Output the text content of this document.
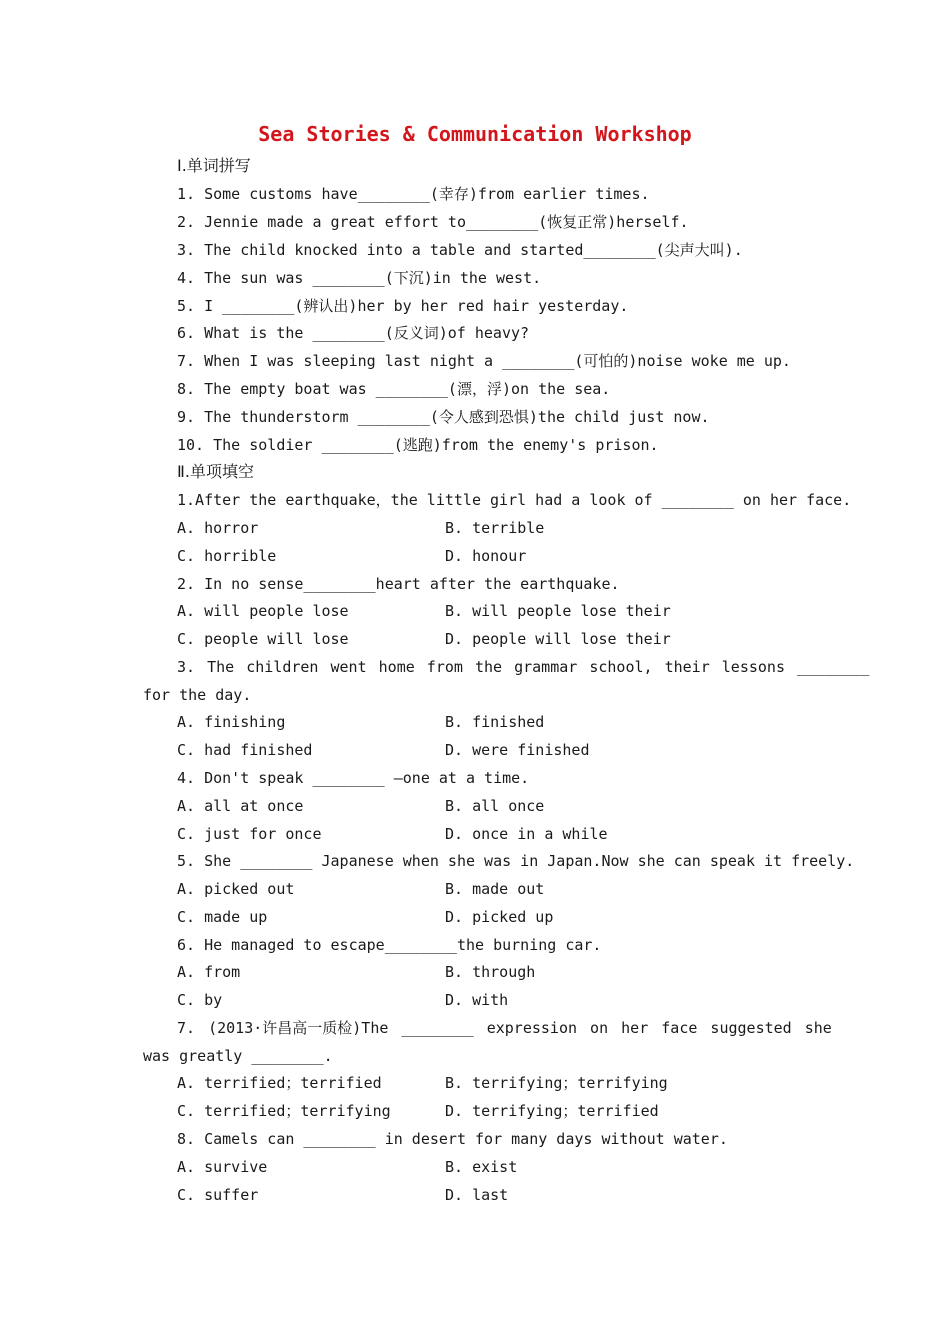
Sea Stories & Communication Workshop
Ⅰ.单词拼写
1. Some customs have________(幸存)from earlier times.
2. Jennie made a great effort to________(恢复正常)herself.
3. The child knocked into a table and started________(尖声大叫).
4. The sun was ________(下沉)in the west.
5. I ________(辨认出)her by her red hair yesterday.
6. What is the ________(反义词)of heavy?
7. When I was sleeping last night a ________(可怕的)noise woke me up.
8. The empty boat was ________(漂，浮)on the sea.
9. The thunderstorm ________(令人感到恐惧)the child just now.
10. The soldier ________(逃跑)from the enemy's prison.
Ⅱ.单项填空
1.After the earthquake，the little girl had a look of ________ on her face.
A. horror	B. terrible
C. horrible	D. honour
2. In no sense________heart after the earthquake.
A. will people lose	B. will people lose their
C. people will lose	D. people will lose their
3. The children went home from the grammar school, their lessons ________
for the day.
A. finishing	B. finished
C. had finished	D. were finished
4. Don't speak ________ —one at a time.
A. all at once	B. all once
C. just for once	D. once in a while
5. She ________ Japanese when she was in Japan.Now she can speak it freely.
A. picked out	B. made out
C. made up	D. picked up
6. He managed to escape________the burning car.
A. from	B. through
C. by	D. with
7. (2013·许昌高一质检)The ________ expression on her face suggested she
was greatly ________.
A. terrified；terrified	B. terrifying；terrifying
C. terrified；terrifying	D. terrifying；terrified
8. Camels can ________ in desert for many days without water.
A. survive	B. exist
C. suffer	D. last
